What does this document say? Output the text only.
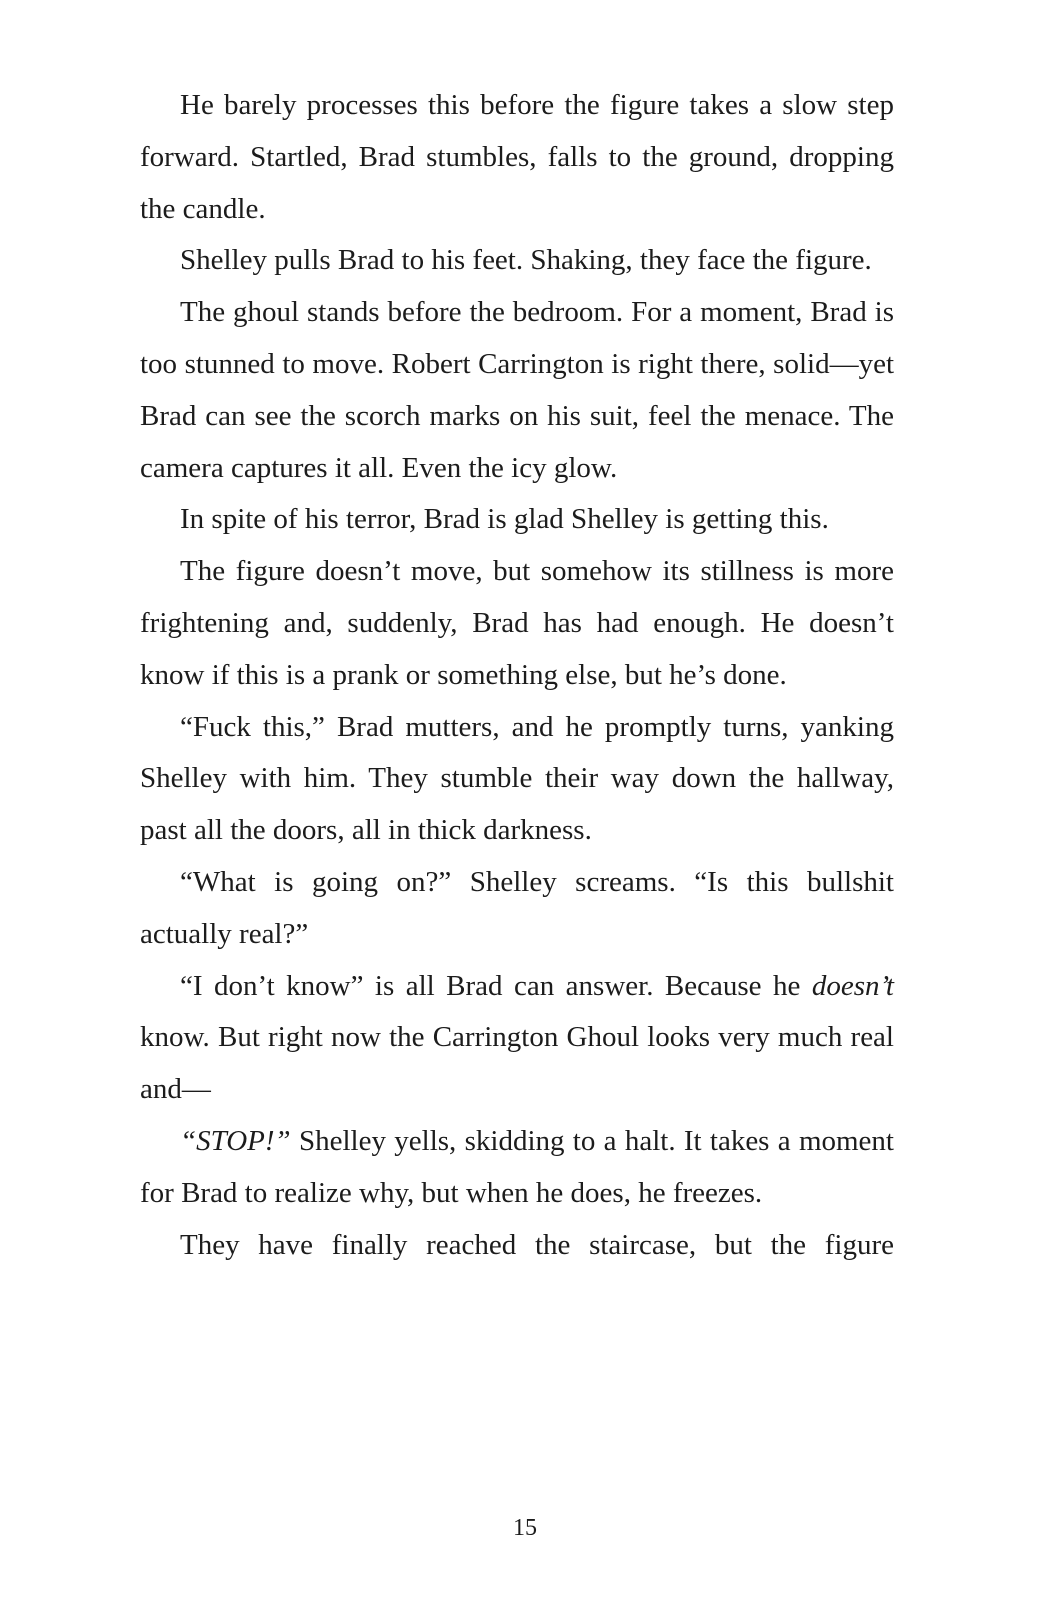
He barely processes this before the figure takes a slow step forward. Startled, Brad stumbles, falls to the ground, dropping the candle.

Shelley pulls Brad to his feet. Shaking, they face the figure.

The ghoul stands before the bedroom. For a moment, Brad is too stunned to move. Robert Carrington is right there, solid—yet Brad can see the scorch marks on his suit, feel the menace. The camera captures it all. Even the icy glow.

In spite of his terror, Brad is glad Shelley is getting this.

The figure doesn’t move, but somehow its stillness is more frightening and, suddenly, Brad has had enough. He doesn’t know if this is a prank or something else, but he’s done.

“Fuck this,” Brad mutters, and he promptly turns, yanking Shelley with him. They stumble their way down the hallway, past all the doors, all in thick darkness.

“What is going on?” Shelley screams. “Is this bullshit actually real?”

“I don’t know” is all Brad can answer. Because he doesn’t know. But right now the Carrington Ghoul looks very much real and—

“STOP!” Shelley yells, skidding to a halt. It takes a moment for Brad to realize why, but when he does, he freezes.

They have finally reached the staircase, but the figure

15
